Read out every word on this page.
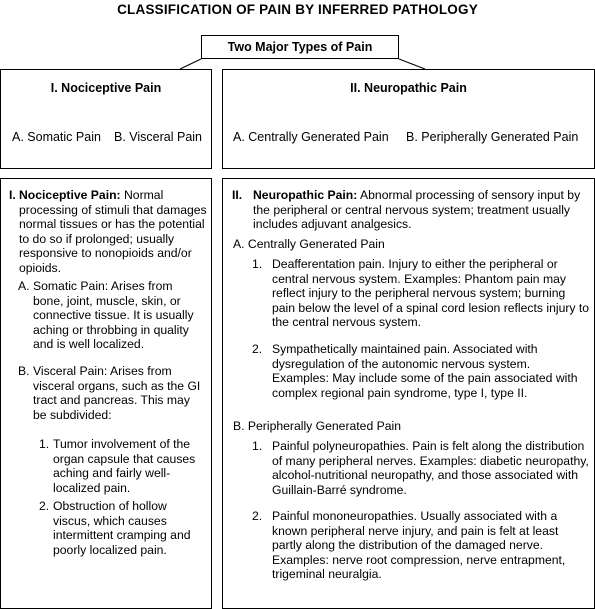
CLASSIFICATION OF PAIN BY INFERRED PATHOLOGY
Two Major Types of Pain
I. Nociceptive Pain
A. Somatic Pain B. Visceral Pain
II. Neuropathic Pain
A. Centrally Generated Pain B. Peripherally Generated Pain
I. Nociceptive Pain: Normal processing of stimuli that damages normal tissues or has the potential to do so if prolonged; usually responsive to nonopioids and/or opioids.
A. Somatic Pain: Arises from bone, joint, muscle, skin, or connective tissue. It is usually aching or throbbing in quality and is well localized.
B. Visceral Pain: Arises from visceral organs, such as the GI tract and pancreas. This may be subdivided:
1. Tumor involvement of the organ capsule that causes aching and fairly well-localized pain.
2. Obstruction of hollow viscus, which causes intermittent cramping and poorly localized pain.
II. Neuropathic Pain: Abnormal processing of sensory input by the peripheral or central nervous system; treatment usually includes adjuvant analgesics.
A. Centrally Generated Pain
1. Deafferentation pain. Injury to either the peripheral or central nervous system. Examples: Phantom pain may reflect injury to the peripheral nervous system; burning pain below the level of a spinal cord lesion reflects injury to the central nervous system.
2. Sympathetically maintained pain. Associated with dysregulation of the autonomic nervous system. Examples: May include some of the pain associated with complex regional pain syndrome, type I, type II.
B. Peripherally Generated Pain
1. Painful polyneuropathies. Pain is felt along the distribution of many peripheral nerves. Examples: diabetic neuropathy, alcohol-nutritional neuropathy, and those associated with Guillain-Barré syndrome.
2. Painful mononeuropathies. Usually associated with a known peripheral nerve injury, and pain is felt at least partly along the distribution of the damaged nerve. Examples: nerve root compression, nerve entrapment, trigeminal neuralgia.
